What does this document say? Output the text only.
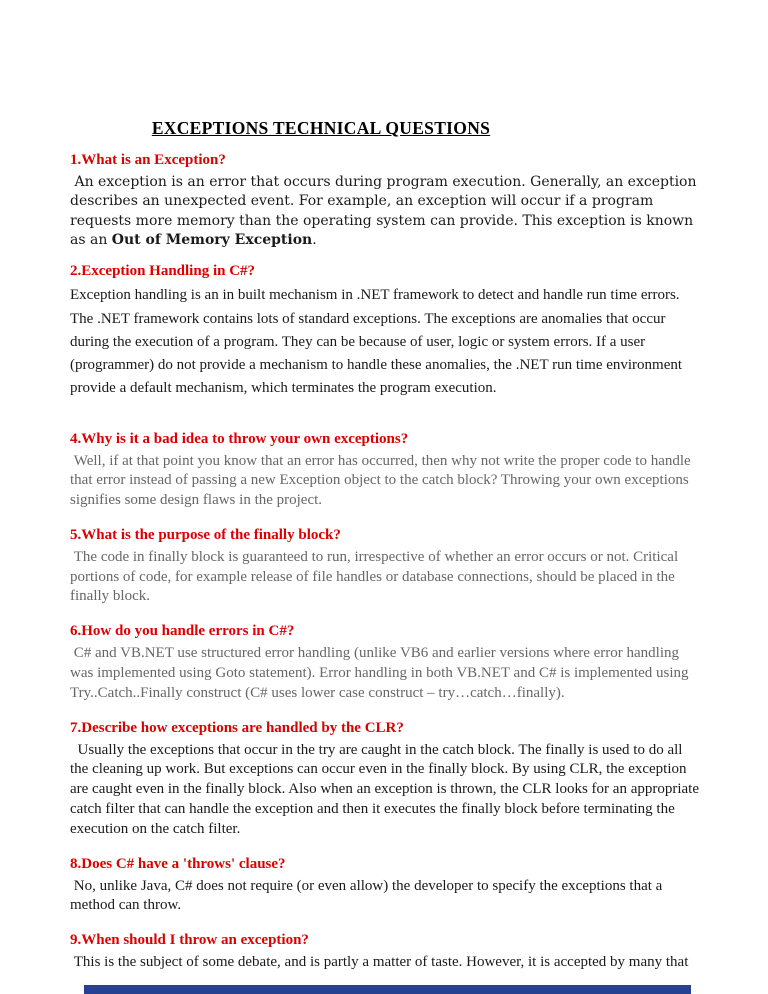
EXCEPTIONS TECHNICAL QUESTIONS
1.What is an Exception?

An exception is an error that occurs during program execution. Generally, an exception describes an unexpected event. For example, an exception will occur if a program requests more memory than the operating system can provide. This exception is known as an Out of Memory Exception.

2.Exception Handling in C#?

Exception handling is an in built mechanism in .NET framework to detect and handle run time errors. The .NET framework contains lots of standard exceptions. The exceptions are anomalies that occur during the execution of a program. They can be because of user, logic or system errors. If a user (programmer) do not provide a mechanism to handle these anomalies, the .NET run time environment provide a default mechanism, which terminates the program execution.

4.Why is it a bad idea to throw your own exceptions?

Well, if at that point you know that an error has occurred, then why not write the proper code to handle that error instead of passing a new Exception object to the catch block? Throwing your own exceptions signifies some design flaws in the project.

5.What is the purpose of the finally block?

The code in finally block is guaranteed to run, irrespective of whether an error occurs or not. Critical portions of code, for example release of file handles or database connections, should be placed in the finally block.

6.How do you handle errors in C#?

C# and VB.NET use structured error handling (unlike VB6 and earlier versions where error handling was implemented using Goto statement). Error handling in both VB.NET and C# is implemented using Try..Catch..Finally construct (C# uses lower case construct – try…catch…finally).

7.Describe how exceptions are handled by the CLR?

Usually the exceptions that occur in the try are caught in the catch block. The finally is used to do all the cleaning up work. But exceptions can occur even in the finally block. By using CLR, the exception are caught even in the finally block. Also when an exception is thrown, the CLR looks for an appropriate catch filter that can handle the exception and then it executes the finally block before terminating the execution on the catch filter.

8.Does C# have a 'throws' clause?

No, unlike Java, C# does not require (or even allow) the developer to specify the exceptions that a method can throw.

9.When should I throw an exception?

This is the subject of some debate, and is partly a matter of taste. However, it is accepted by many that
